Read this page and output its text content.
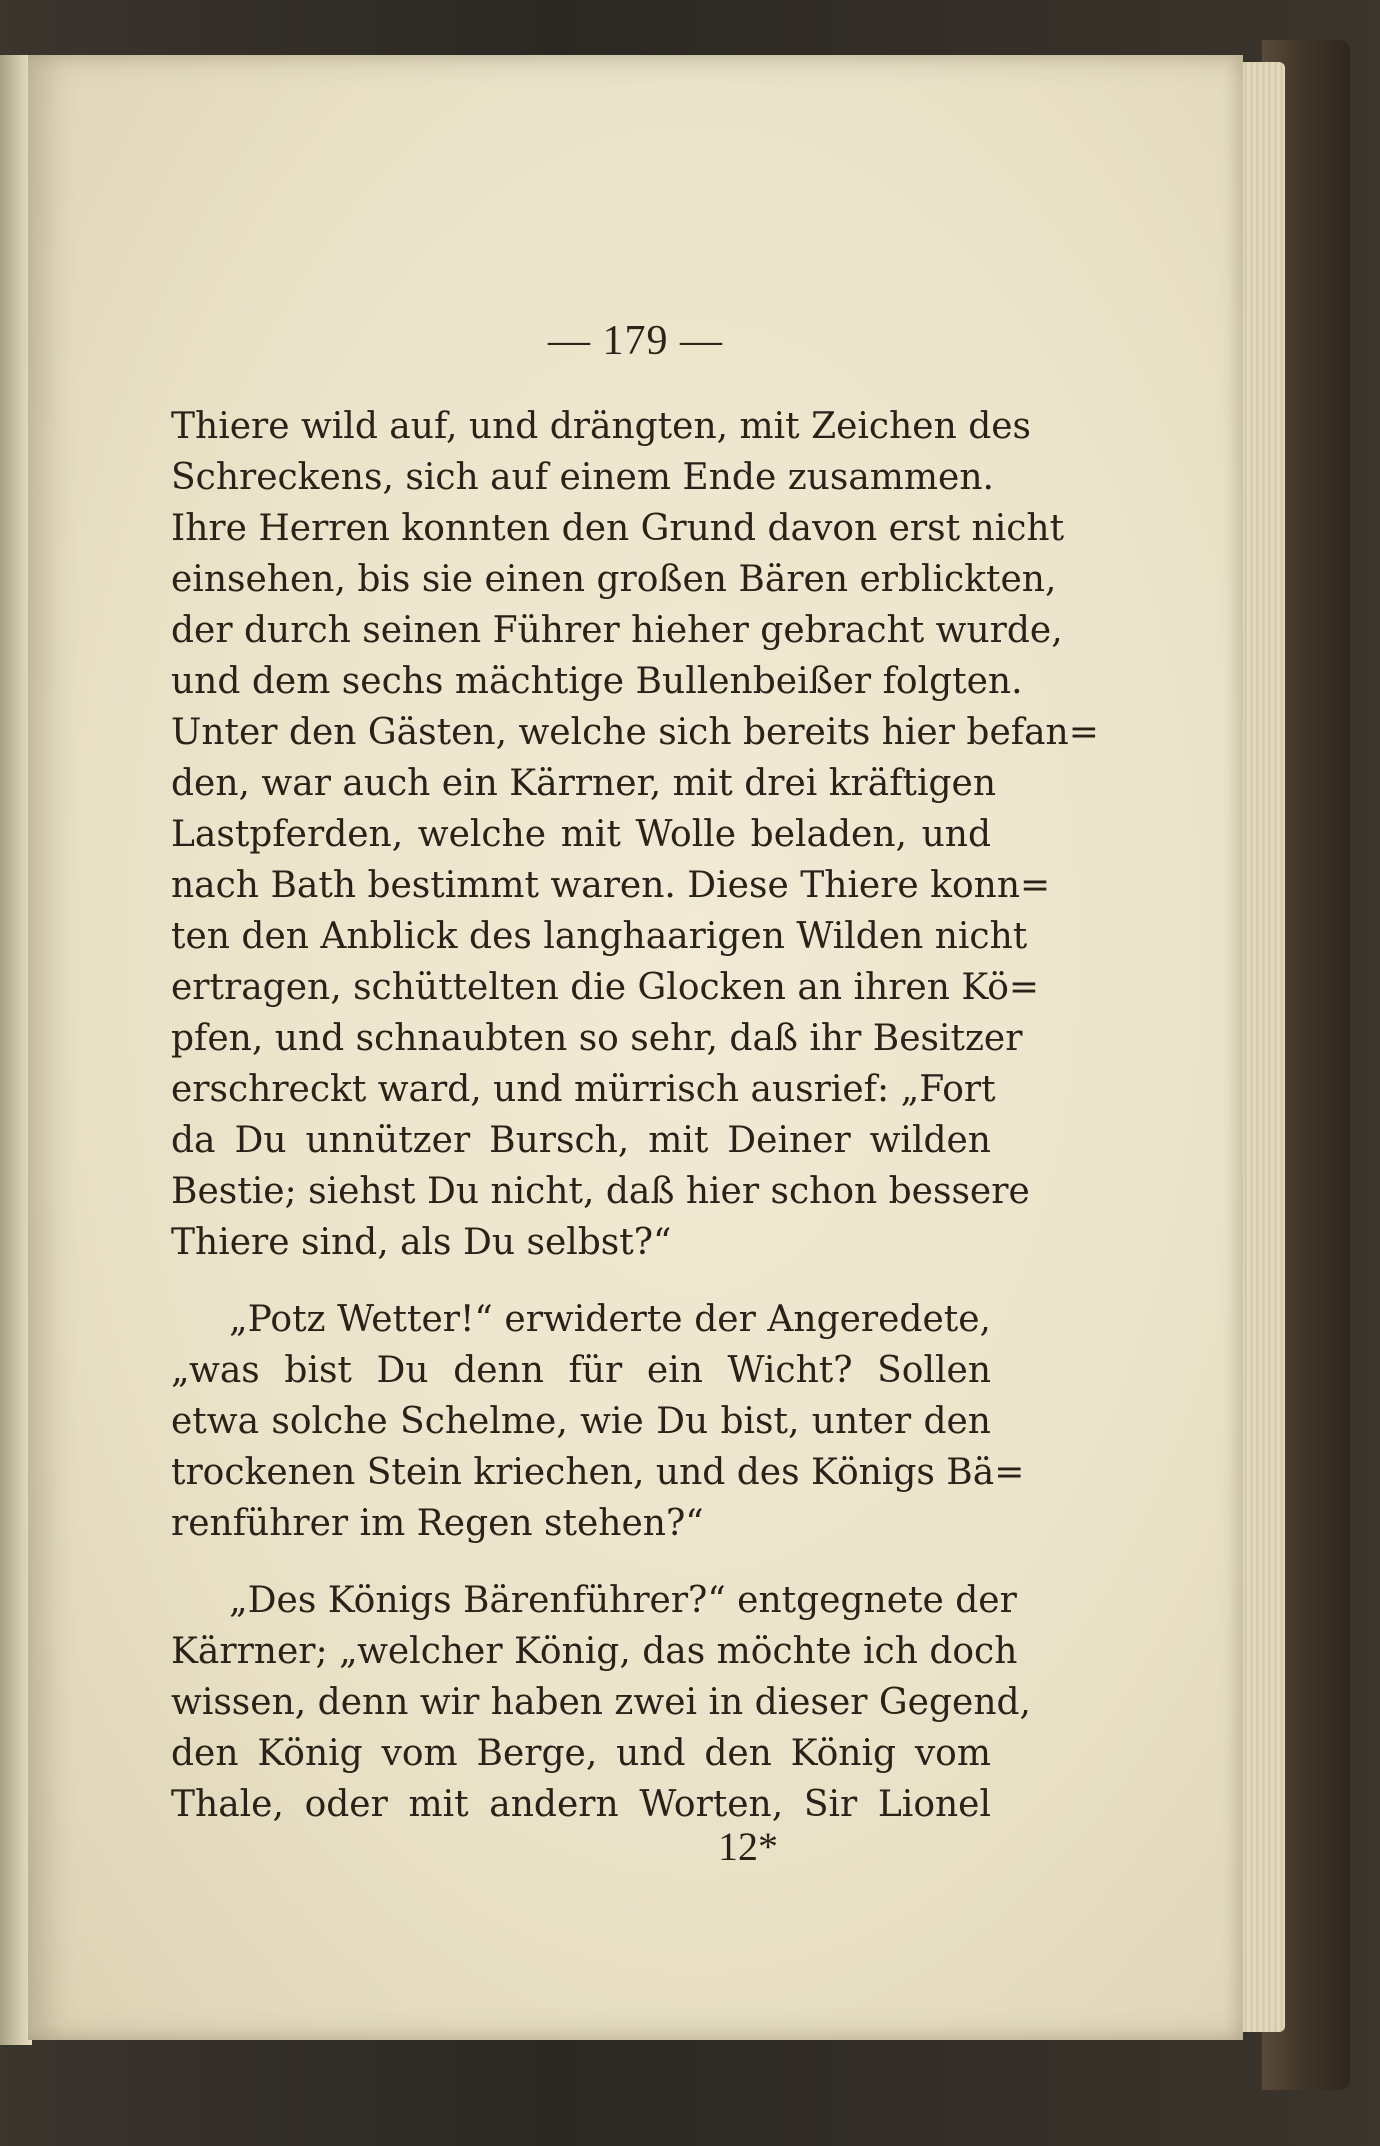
— 179 —

Thiere wild auf, und drängten, mit Zeichen des
Schreckens, sich auf einem Ende zusammen.
Ihre Herren konnten den Grund davon erst nicht
einsehen, bis sie einen großen Bären erblickten,
der durch seinen Führer hieher gebracht wurde,
und dem sechs mächtige Bullenbeißer folgten.
Unter den Gästen, welche sich bereits hier befan=
den, war auch ein Kärrner, mit drei kräftigen
Lastpferden, welche mit Wolle beladen, und
nach Bath bestimmt waren. Diese Thiere konn=
ten den Anblick des langhaarigen Wilden nicht
ertragen, schüttelten die Glocken an ihren Kö=
pfen, und schnaubten so sehr, daß ihr Besitzer
erschreckt ward, und mürrisch ausrief: „Fort
da Du unnützer Bursch, mit Deiner wilden
Bestie; siehst Du nicht, daß hier schon bessere
Thiere sind, als Du selbst?“

„Potz Wetter!“ erwiderte der Angeredete,
„was bist Du denn für ein Wicht? Sollen
etwa solche Schelme, wie Du bist, unter den
trockenen Stein kriechen, und des Königs Bä=
renführer im Regen stehen?“

„Des Königs Bärenführer?“ entgegnete der
Kärrner; „welcher König, das möchte ich doch
wissen, denn wir haben zwei in dieser Gegend,
den König vom Berge, und den König vom
Thale, oder mit andern Worten, Sir Lionel

12*
